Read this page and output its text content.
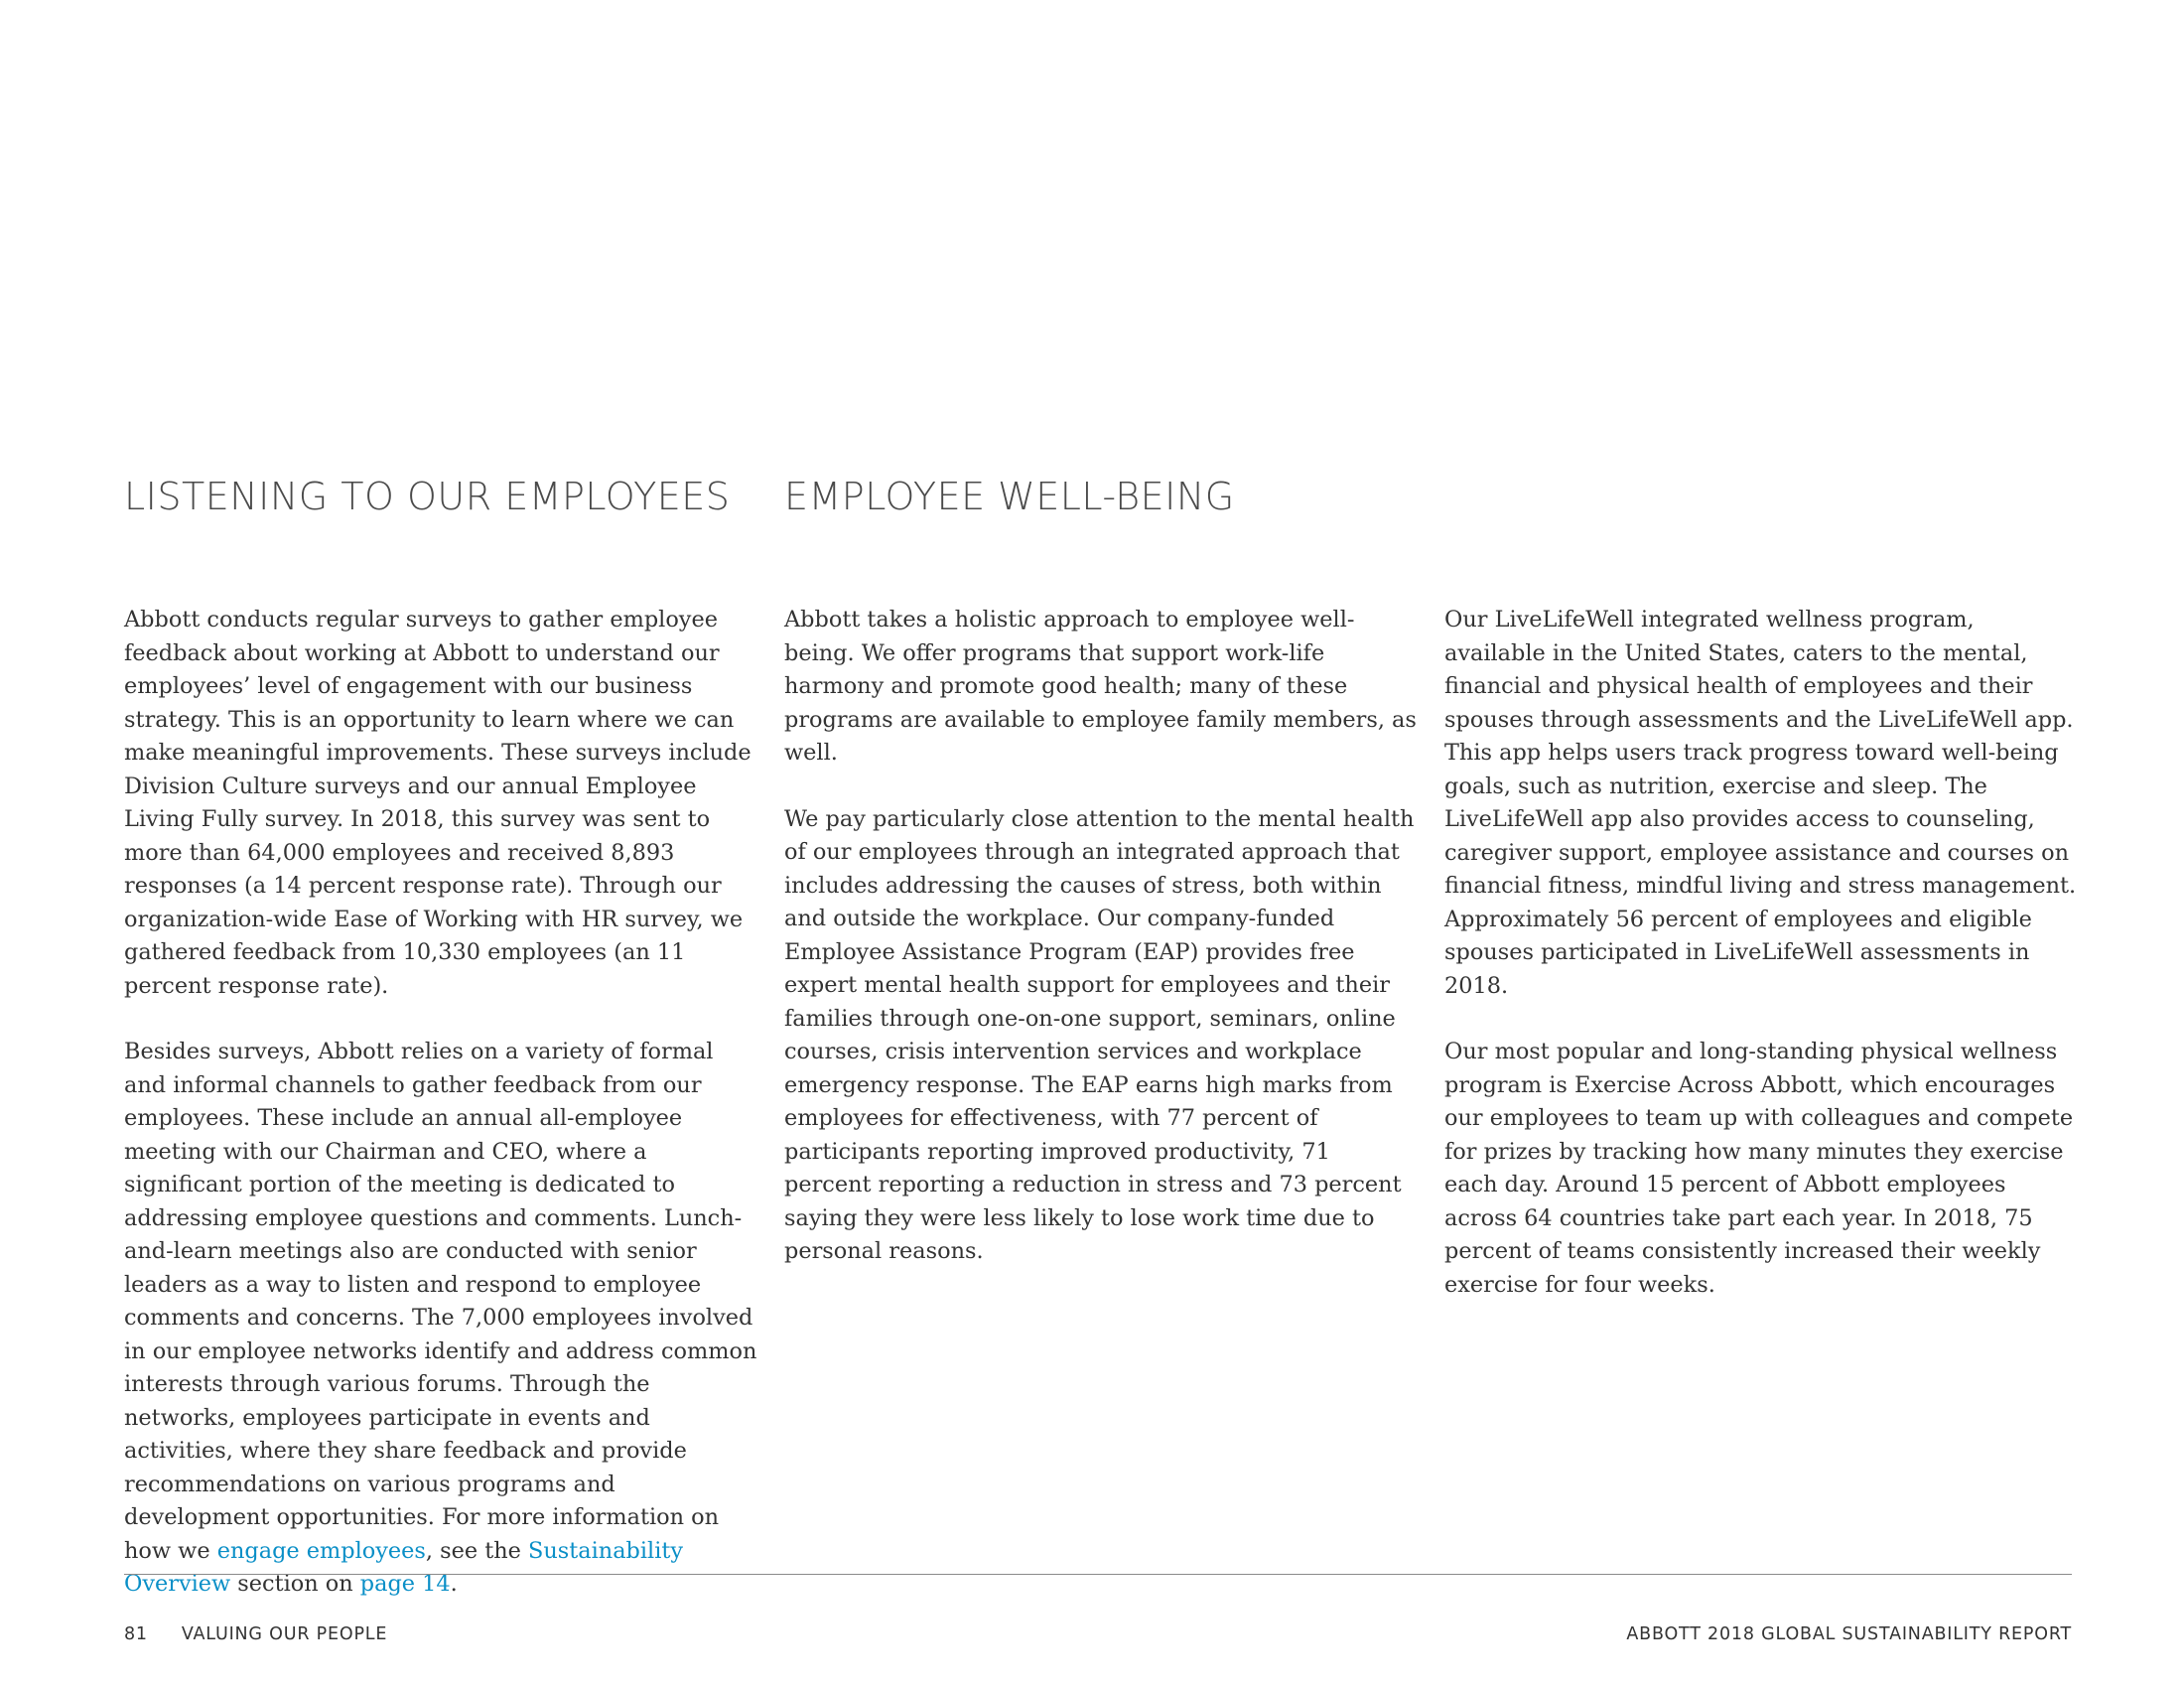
LISTENING TO OUR EMPLOYEES

Abbott conducts regular surveys to gather employee feedback about working at Abbott to understand our employees’ level of engagement with our business strategy. This is an opportunity to learn where we can make meaningful improvements. These surveys include Division Culture surveys and our annual Employee Living Fully survey. In 2018, this survey was sent to more than 64,000 employees and received 8,893 responses (a 14 percent response rate). Through our organization-wide Ease of Working with HR survey, we gathered feedback from 10,330 employees (an 11 percent response rate).

Besides surveys, Abbott relies on a variety of formal and informal channels to gather feedback from our employees. These include an annual all-employee meeting with our Chairman and CEO, where a significant portion of the meeting is dedicated to addressing employee questions and comments. Lunch-and-learn meetings also are conducted with senior leaders as a way to listen and respond to employee comments and concerns. The 7,000 employees involved in our employee networks identify and address common interests through various forums. Through the networks, employees participate in events and activities, where they share feedback and provide recommendations on various programs and development opportunities. For more information on how we engage employees, see the Sustainability Overview section on page 14.

EMPLOYEE WELL-BEING

Abbott takes a holistic approach to employee well-being. We offer programs that support work-life harmony and promote good health; many of these programs are available to employee family members, as well.

We pay particularly close attention to the mental health of our employees through an integrated approach that includes addressing the causes of stress, both within and outside the workplace. Our company-funded Employee Assistance Program (EAP) provides free expert mental health support for employees and their families through one-on-one support, seminars, online courses, crisis intervention services and workplace emergency response. The EAP earns high marks from employees for effectiveness, with 77 percent of participants reporting improved productivity, 71 percent reporting a reduction in stress and 73 percent saying they were less likely to lose work time due to personal reasons.

Our LiveLifeWell integrated wellness program, available in the United States, caters to the mental, financial and physical health of employees and their spouses through assessments and the LiveLifeWell app. This app helps users track progress toward well-being goals, such as nutrition, exercise and sleep. The LiveLifeWell app also provides access to counseling, caregiver support, employee assistance and courses on financial fitness, mindful living and stress management. Approximately 56 percent of employees and eligible spouses participated in LiveLifeWell assessments in 2018.

Our most popular and long-standing physical wellness program is Exercise Across Abbott, which encourages our employees to team up with colleagues and compete for prizes by tracking how many minutes they exercise each day. Around 15 percent of Abbott employees across 64 countries take part each year. In 2018, 75 percent of teams consistently increased their weekly exercise for four weeks.

81 VALUING OUR PEOPLE	ABBOTT 2018 GLOBAL SUSTAINABILITY REPORT
